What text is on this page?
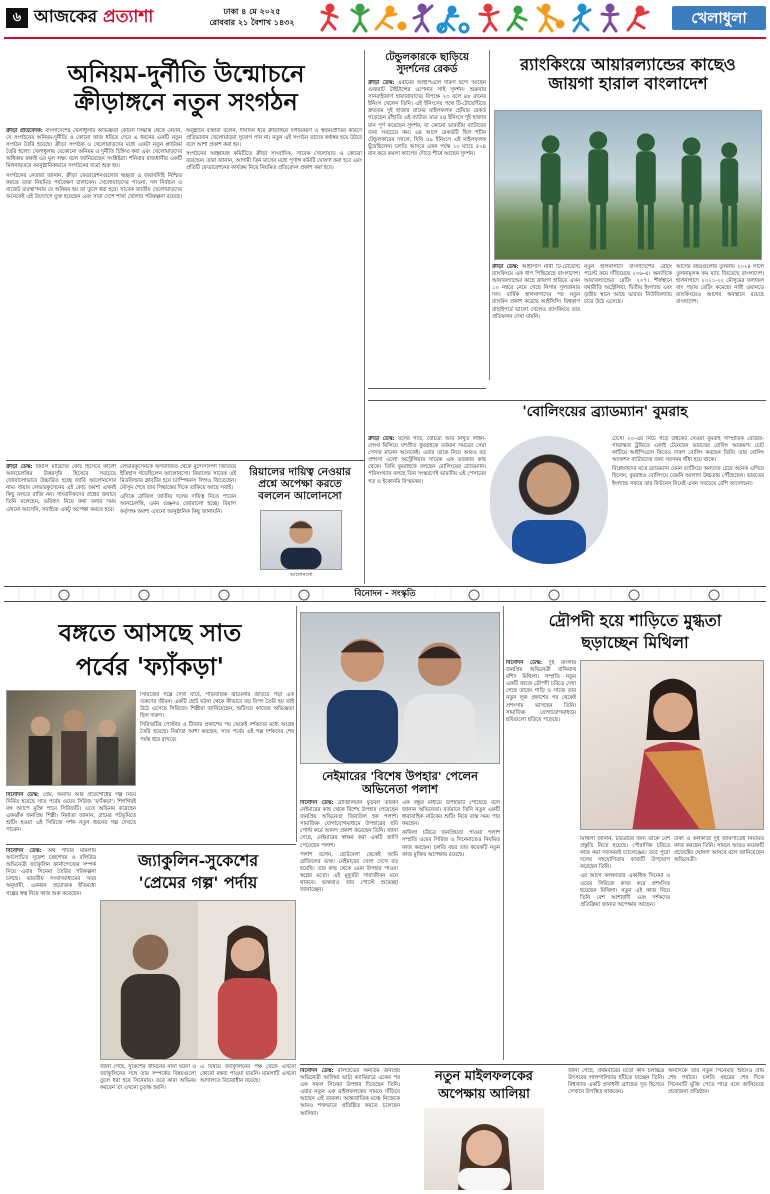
৬ আজকের প্রত্যাশা	ঢাকা ৪ মে ২০২৫
রোববার ২১ বৈশাখ ১৪৩২	খেলাধুলা
অনিয়ম-দুর্নীতি উন্মোচনে
ক্রীড়াঙ্গনে নতুন সংগঠন

ক্রীড়া প্রতিবেদক: বাংলাদেশের খেলাধুলার অভিজ্ঞতা কোনো সিদ্ধান্ত থেকে নেয়নি, যে সংগঠনের অনিয়ম-দুর্নীতি ও কোনো কাজ ধরিয়ে দেবে এ ধরনের একটি নতুন সংগঠন তৈরি হয়েছে। ক্রীড়া সংগঠক ও খেলোয়াড়দের মধ্যে একটা নতুন প্ল্যাটফর্ম তৈরি হলো। খেলাধুলায় যেকোনো অনিয়ম ও দুর্নীতি চিহ্নিত করা এবং খেলোয়াড়দের অধিকার রক্ষাই এর মূল লক্ষ্য বলে জানিয়েছেন সংশ্লিষ্টরা। শনিবার রাজধানীর একটি মিলনায়তনে আনুষ্ঠানিকভাবে সংগঠনের যাত্রা শুরু হয়।

সংগঠনের নেতারা জানান, ক্রীড়া ফেডারেশনগুলোর স্বচ্ছতা ও জবাবদিহি নিশ্চিত করতে তারা নিয়মিত পর্যবেক্ষণ চালাবেন। খেলোয়াড়দের পাওনা, দল নির্বাচন ও বাজেট ব্যবস্থাপনায় যে অনিয়ম হয় তা তুলে ধরা হবে। সাবেক জাতীয় খেলোয়াড়দের অনেকেই এই উদ্যোগে যুক্ত হয়েছেন এবং সারা দেশে শাখা খোলার পরিকল্পনা রয়েছে।

অনুষ্ঠানে বক্তারা বলেন, দীর্ঘদিন ধরে ক্রীড়াঙ্গনে দলীয়করণ ও স্বজনপ্রীতির কারণে প্রতিভাবান খেলোয়াড়রা সুযোগ পান না। নতুন এই সংগঠন তাদের কণ্ঠস্বর হয়ে উঠবে বলে আশা প্রকাশ করা হয়।

সংগঠনের আহ্বায়ক কমিটিতে ক্রীড়া সাংবাদিক, সাবেক খেলোয়াড় ও কোচরা রয়েছেন। তারা জানান, আগামী তিন মাসের মধ্যে পূর্ণাঙ্গ কমিটি ঘোষণা করা হবে এবং প্রতিটি ফেডারেশনের কার্যক্রম নিয়ে নিয়মিত প্রতিবেদন প্রকাশ করা হবে।

টেন্ডুলকারকে ছাড়িয়ে
সুদর্শনের রেকর্ড

ক্রীড়া ডেস্ক: এবারের আইপিএলে দারুণ ছন্দে আছেন গুজরাট টাইটান্সের ওপেনার সাই সুদর্শন। শুক্রবার সানরাইজার্স হায়দরাবাদের বিপক্ষে ২৩ বলে ৪৮ রানের ইনিংস খেলেন তিনি। এই ইনিংসের পথে টি-টোয়েন্টিতে দ্রুততম দুই হাজার রানের মাইলফলক ছোঁয়ার রেকর্ড গড়েছেন বাঁহাতি এই ব্যাটার। মাত্র ৫৪ ইনিংসে দুই হাজার রান পূর্ণ করেছেন সুদর্শন, যা কোনো ভারতীয় ব্যাটারের জন্য সবচেয়ে কম। এর আগে রেকর্ডটি ছিল শচীন টেন্ডুলকারের দখলে, যিনি ৫৯ ইনিংসে এই মাইলফলক ছুঁয়েছিলেন। চলতি আসরে এখন পর্যন্ত ১০ ম্যাচে ৫০৪ রান করে কমলা ক্যাপের দৌড়ে শীর্ষে আছেন সুদর্শন।

র‌্যাংকিংয়ে আয়ারল্যান্ডের কাছেও
জায়গা হারাল বাংলাদেশ

ক্রীড়া ডেস্ক: আইসিসি নারী টি-টোয়েন্টি র‌্যাংকিংয়ে এক ধাপ পিছিয়েছে বাংলাদেশ। আয়ারল্যান্ডের কাছে জায়গা হারিয়ে এখন ১০ নম্বরে নেমে গেছে নিগার সুলতানার দল। বার্ষিক হালনাগাদের পর নতুন র‌্যাংকিং প্রকাশ করেছে আইসিসি। বিশ্বকাপ বাছাইপর্বে ভালো খেলেও র‌্যাংকিংয়ে তার প্রতিফলন দেখা যায়নি।

নতুন হালনাগাদে বাংলাদেশের রেটিং পয়েন্ট কমে দাঁড়িয়েছে ২০৬-এ। অন্যদিকে আয়ারল্যান্ডের রেটিং ২০৭। শীর্ষস্থানে যথারীতি অস্ট্রেলিয়া, দ্বিতীয় ইংল্যান্ড এবং তৃতীয় স্থানে আছে ভারত। নিউজিল্যান্ড চারে উঠে এসেছে।

আগের বছরগুলোর তুলনায় ২০২৪ সালে তুলনামূলক কম ম্যাচ জিতেছে বাংলাদেশ। হালনাগাদে ২০২১-২২ মৌসুমের ফলাফল বাদ পড়ায় রেটিং কমেছে। নারী ওয়ানডে র‌্যাংকিংয়েও আগের অবস্থানে রয়েছে বাংলাদেশ।

'বোলিংয়ের ব্র্যাডম্যান' বুমরাহ

ক্রীড়া ডেস্ক: বলের গতি, বৈচিত্র্য আর নিখুঁত লাইন-লেংথ মিলিয়ে যশপ্রীত বুমরাহকে বর্তমান সময়ের সেরা পেসার মানেন অনেকেই। এবার তাকে নিয়ে আরও বড় প্রশংসা এলো অস্ট্রেলিয়ার সাবেক এক তারকার কাছ থেকে। তিনি বুমরাহকে বলছেন বোলিংয়ের ব্র্যাডম্যান। পরিসংখ্যান বলছে তিন সংস্করণেই ভারতীয় এই পেসারের গড় ও ইকোনমি বিস্ময়কর।

টেস্টে ২০-এর নিচে গড়ে উইকেট নেওয়া বুমরাহ সাম্প্রতিক বোর্ডার-গাভাস্কার ট্রফিতে একাই টেনেছেন ভারতের বোলিং আক্রমণ। চোট কাটিয়ে আইপিএলে ফিরেও দারুণ বোলিং করছেন তিনি। তার বোলিং অ্যাকশন ব্যাটারদের জন্য সবসময় ধাঁধা হয়ে থাকে।

বিশ্লেষকদের মতে ব্র্যাডম্যান যেমন ব্যাটিংয়ে অন্যদের চেয়ে অনেক এগিয়ে ছিলেন, বুমরাহও বোলিংয়ে তেমনি আলাদা উচ্চতায় পৌঁছেছেন। ভারতের ইংল্যান্ড সফরে তার ফিটনেস নিয়েই এখন সবচেয়ে বেশি আলোচনা।

ক্রীড়া ডেস্ক: রিয়াল মাদ্রিদের কোচ হিসেবে কার্লো আনচেলত্তির উত্তরসূরি হিসেবে সবচেয়ে জোরালোভাবে উচ্চারিত হচ্ছে জাবি আলোনসোর নাম। বায়ার লেভারকুসেনের এই কোচ অবশ্য এখনই কিছু বলতে রাজি নন। সাংবাদিকদের প্রশ্নের জবাবে তিনি বলেছেন, ভবিষ্যৎ নিয়ে কথা বলার সময় এখনো আসেনি, সবাইকে একটু অপেক্ষা করতে হবে।

লেভারকুসেনকে অপরাজিত থেকে বুন্দেসলিগা জিতিয়ে ইতিহাস গড়েছিলেন আলোনসো। রিয়ালের সাবেক এই মিডফিল্ডার ক্লাবটির হয়ে চ্যাম্পিয়নস লিগও জিতেছেন। মৌসুম শেষে তার সিদ্ধান্তের দিকে তাকিয়ে আছে সবাই।

এদিকে ব্রাজিল জাতীয় দলের দায়িত্ব নিতে পারেন আনচেলত্তি, এমন গুঞ্জনও জোরালো হচ্ছে। রিয়াল কর্তৃপক্ষ অবশ্য এখনো আনুষ্ঠানিক কিছু জানায়নি।

রিয়ালের দায়িত্ব নেওয়ার
প্রশ্নে অপেক্ষা করতে
বললেন আলোনসো
আলোনসো
বিনোদন - সংস্কৃতি
বঙ্গতে আসছে সাত
পর্বের 'ফ্যাঁকড়া'

সিরিজের গল্পে দেখা যাবে, পারিবারিক ঝামেলায় জড়িয়ে পড়া এক তরুণের জীবন। একটি ছোট ঘটনা থেকে কীভাবে বড় বিপদ তৈরি হয় তাই উঠে এসেছে সিরিজে। শিল্পীরা জানিয়েছেন, শুটিংয়ে কাজের অভিজ্ঞতা ছিল দারুণ।

সিরিজটির পোস্টার ও টিজার প্রকাশের পর থেকেই দর্শকদের মধ্যে আগ্রহ তৈরি হয়েছে। নির্মাতা আশা করছেন, সাত পর্বের এই গল্প দর্শকদের শেষ পর্যন্ত ধরে রাখবে।

বিনোদন ডেস্ক: প্রেম, অন্যায় আর প্রতিশোধের গল্প নিয়ে নির্মিত হয়েছে সাত পর্বের ওয়েব সিরিজ 'ফ্যাঁকড়া'। শিগগিরই বঙ্গ অ্যাপে মুক্তি পাবে সিরিজটি। এতে অভিনয় করেছেন একঝাঁক জনপ্রিয় শিল্পী। নির্মাতা জানান, গ্রামের পটভূমিতে শুটিং হওয়া এই সিরিজে দর্শক নতুন ধরনের গল্প দেখতে পাবেন।

নেইমারের 'বিশেষ উপহার' পেলেন অভিনেতা পলাশ

বিনোদন ডেস্ক: ব্রাজিলিয়ান ফুটবল তারকা নেইমারের কাছ থেকে বিশেষ উপহার পেয়েছেন জনপ্রিয় অভিনেতা জিয়াউল হক পলাশ। সামাজিক যোগাযোগমাধ্যমে উপহারের ছবি পোস্ট করে আনন্দ প্রকাশ করেছেন তিনি। জানা গেছে, নেইমারের স্বাক্ষর করা একটি জার্সি পেয়েছেন পলাশ।

পলাশ বলেন, ছোটবেলা থেকেই আমি ব্রাজিলের ভক্ত। নেইমারের খেলা দেখে বড় হয়েছি। তার কাছ থেকে এমন উপহার পাওয়া স্বপ্নের মতো। এই মুহূর্তটা সারাজীবন মনে থাকবে। ভক্তরাও তার পোস্টে শুভেচ্ছা জানাচ্ছেন।

এক বন্ধুর মাধ্যমে উপহারটি পৌঁছেছে বলে জানান অভিনেতা। বর্তমানে তিনি নতুন একটি ধারাবাহিক নাটকের শুটিং নিয়ে ব্যস্ত সময় পার করছেন।

কাবিলা চরিত্রে জনপ্রিয়তা পাওয়া পলাশ সম্প্রতি ওয়েব সিরিজ ও সিনেমাতেও নিয়মিত কাজ করছেন। চলতি বছর তার কয়েকটি নতুন কাজ মুক্তির অপেক্ষায় রয়েছে।

দ্রৌপদী হয়ে শাড়িতে মুগ্ধতা
ছড়াচ্ছেন মিথিলা

বিনোদন ডেস্ক: দুই বাংলার জনপ্রিয় অভিনেত্রী রাফিয়াথ রশিদ মিথিলা। সম্প্রতি নতুন একটি কাজে দ্রৌপদী চরিত্রে দেখা গেছে তাকে। শাড়ি ও সাজে তার নতুন লুক প্রকাশের পর থেকেই প্রশংসায় ভাসছেন তিনি। সামাজিক যোগাযোগমাধ্যমে ছবিগুলো ছড়িয়ে পড়েছে।

মিথিলা জানান, চরিত্রটির জন্য তাকে বেশ প্রস্তুতি নিতে হয়েছে। পৌরাণিক চরিত্রে কাজ করা সবসময়ই চ্যালেঞ্জের। তবে পুরো দলের সহযোগিতায় কাজটি উপভোগ করেছেন তিনি।

এর আগে কলকাতার একাধিক সিনেমা ও ওয়েব সিরিজে কাজ করে প্রশংসিত হয়েছেন মিথিলা। নতুন এই কাজ নিয়ে তিনি বেশ আশাবাদী এবং দর্শকদের প্রতিক্রিয়া জানার অপেক্ষায় আছেন।

ঢাকা ও কলকাতা দুই জায়গাতেই নিয়মিত কাজ করছেন তিনি। সামনে আরও কয়েকটি প্রজেক্টের ঘোষণা আসবে বলে জানিয়েছেন অভিনেত্রী।

বিনোদন ডেস্ক: অর্থ পাচার মামলায় আলোচিত সুকেশ চন্দ্রশেখর ও বলিউড অভিনেত্রী জ্যাকুলিন ফার্নান্দেজের সম্পর্ক নিয়ে এবার সিনেমা তৈরির পরিকল্পনা চলছে। ভারতীয় সংবাদমাধ্যমের খবর অনুযায়ী, একজন প্রযোজক ইতিমধ্যে গল্পের স্বত্ব নিয়ে কাজ শুরু করেছেন।

জ্যাকুলিন-সুকেশের
'প্রেমের গল্প' পর্দায়

জানা গেছে, সুকেশের জীবনের নানা ঘটনা ও জ্যাকুলিনের সঙ্গে তার সম্পর্কের বিষয়গুলো তুলে ধরা হবে সিনেমায়। তবে কারা অভিনয় করবেন তা এখনো চূড়ান্ত হয়নি।

এ বিষয়ে জ্যাকুলিনের পক্ষ থেকে এখনো কোনো মন্তব্য পাওয়া যায়নি। মামলাটি এখনো আদালতে বিচারাধীন রয়েছে।

বিনোদন ডেস্ক: বলিউডের অন্যতম জনপ্রিয় অভিনেত্রী আলিয়া ভাট। ক্যারিয়ারে একের পর এক সফল সিনেমা উপহার দিয়েছেন তিনি। এবার নতুন এক মাইলফলকের সামনে দাঁড়িয়ে আছেন এই তারকা। আন্তর্জাতিক মঞ্চে নিজেকে আরও শক্তভাবে প্রতিষ্ঠিত করতে চলেছেন আলিয়া।

নতুন মাইলফলকের
অপেক্ষায় আলিয়া

জানা গেছে, প্রথমবারের মতো কান চলচ্চিত্র উৎসবের লালগালিচায় হাঁটতে যাচ্ছেন তিনি। বিশ্বখ্যাত একটি প্রসাধনী ব্র্যান্ডের দূত হিসেবে সেখানে উপস্থিত থাকবেন।

অন্যদিকে তার নতুন সিনেমার শুটিংও প্রায় শেষ পর্যায়ে। চলতি বছরের শেষ দিকে সিনেমাটি মুক্তি পেতে পারে বলে জানিয়েছে প্রযোজনা প্রতিষ্ঠান।
